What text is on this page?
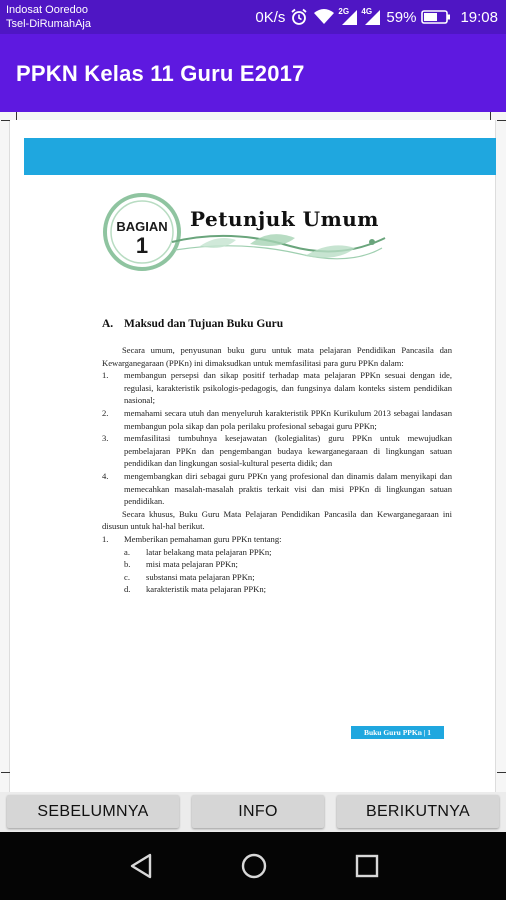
Indosat Ooredoo
Tsel-DiRumahAja	0K/s	2G 4G 59%	19:08
PPKN Kelas 11 Guru E2017
BAGIAN
1
Petunjuk Umum
A. Maksud dan Tujuan Buku Guru

Secara umum, penyusunan buku guru untuk mata pelajaran Pendidikan Pancasila dan Kewarganegaraan (PPKn) ini dimaksudkan untuk memfasilitasi para guru PPKn dalam:

1.	membangun persepsi dan sikap positif terhadap mata pelajaran PPKn sesuai dengan ide, regulasi, karakteristik psikologis-pedagogis, dan fungsinya dalam konteks sistem pendidikan nasional;
2.	memahami secara utuh dan menyeluruh karakteristik PPKn Kurikulum 2013 sebagai landasan membangun pola sikap dan pola perilaku profesional sebagai guru PPKn;
3.	memfasilitasi tumbuhnya kesejawatan (kolegialitas) guru PPKn untuk mewujudkan pembelajaran PPKn dan pengembangan budaya kewarganegaraan di lingkungan satuan pendidikan dan lingkungan sosial-kultural peserta didik; dan
4.	mengembangkan diri sebagai guru PPKn yang profesional dan dinamis dalam menyikapi dan memecahkan masalah-masalah praktis terkait visi dan misi PPKn di lingkungan satuan pendidikan.

Secara khusus, Buku Guru Mata Pelajaran Pendidikan Pancasila dan Kewarganegaraan ini disusun untuk hal-hal berikut.

1.	Memberikan pemahaman guru PPKn tentang:
a.	latar belakang mata pelajaran PPKn;
b.	misi mata pelajaran PPKn;
c.	substansi mata pelajaran PPKn;
d.	karakteristik mata pelajaran PPKn;
Buku Guru PPKn | 1
SEBELUMNYA	INFO	BERIKUTNYA
